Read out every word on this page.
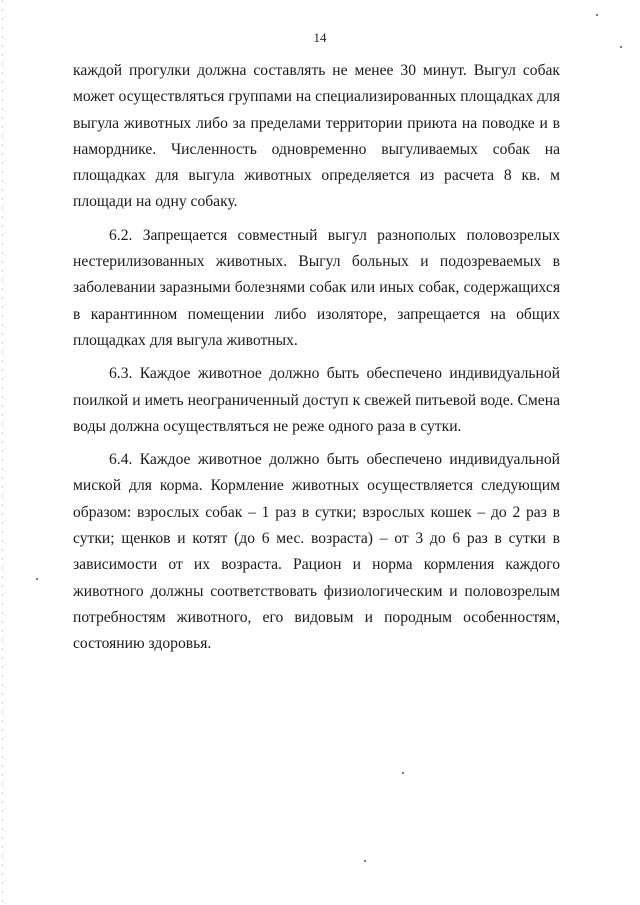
14

каждой прогулки должна составлять не менее 30 минут. Выгул собак может осуществляться группами на специализированных площадках для выгула животных либо за пределами территории приюта на поводке и в наморднике. Численность одновременно выгуливаемых собак на площадках для выгула животных определяется из расчета 8 кв. м площади на одну собаку.

6.2. Запрещается совместный выгул разнополых половозрелых нестерилизованных животных. Выгул больных и подозреваемых в заболевании заразными болезнями собак или иных собак, содержащихся в карантинном помещении либо изоляторе, запрещается на общих площадках для выгула животных.

6.3. Каждое животное должно быть обеспечено индивидуальной поилкой и иметь неограниченный доступ к свежей питьевой воде. Смена воды должна осуществляться не реже одного раза в сутки.

6.4. Каждое животное должно быть обеспечено индивидуальной миской для корма. Кормление животных осуществляется следующим образом: взрослых собак – 1 раз в сутки; взрослых кошек – до 2 раз в сутки; щенков и котят (до 6 мес. возраста) – от 3 до 6 раз в сутки в зависимости от их возраста. Рацион и норма кормления каждого животного должны соответствовать физиологическим и половозрелым потребностям животного, его видовым и породным особенностям, состоянию здоровья.
